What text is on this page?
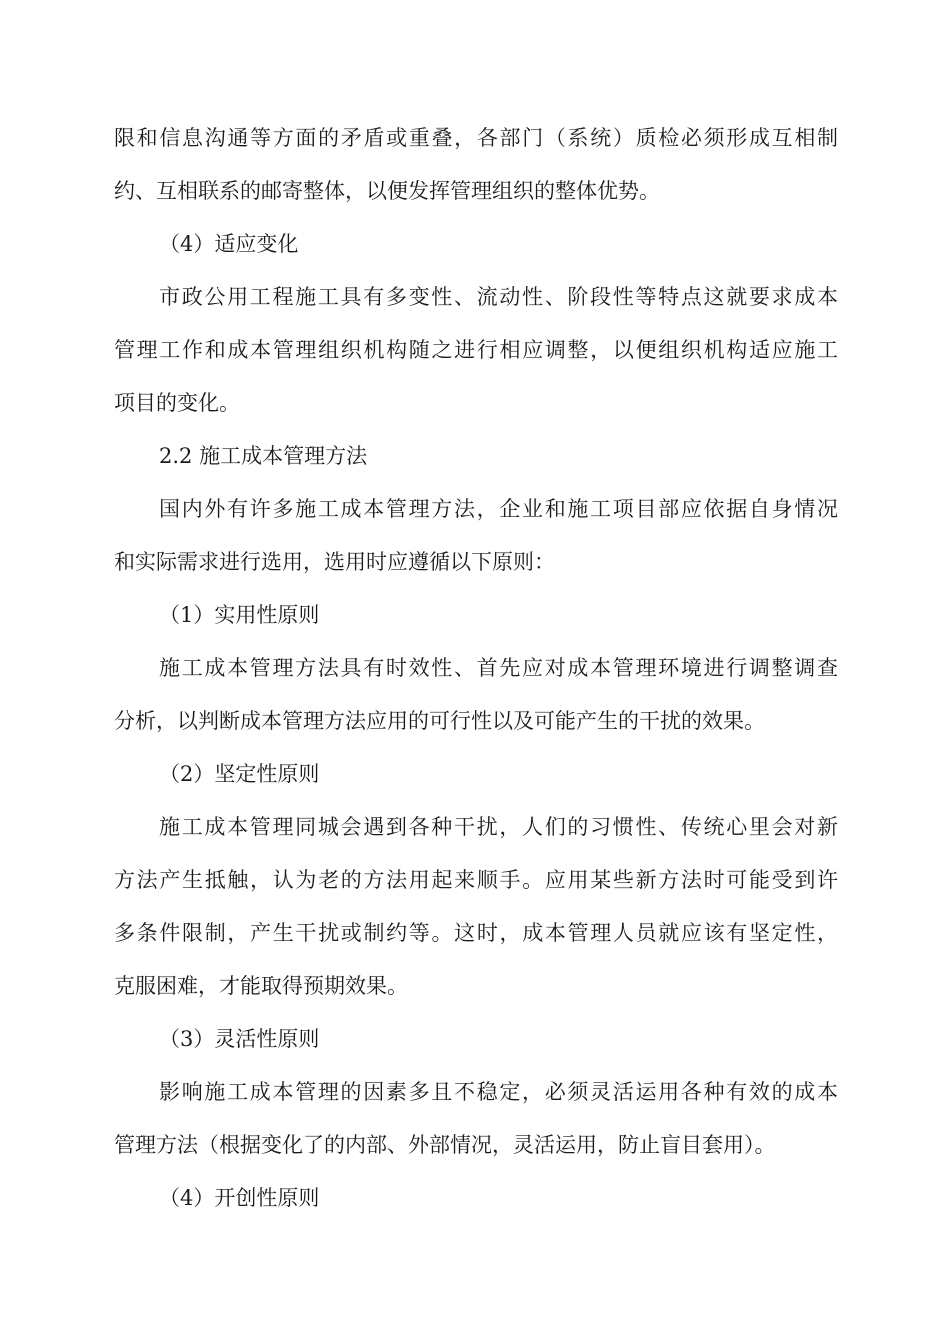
限和信息沟通等方面的矛盾或重叠，各部门（系统）质检必须形成互相制

约、互相联系的邮寄整体，以便发挥管理组织的整体优势。

（4）适应变化

市政公用工程施工具有多变性、流动性、阶段性等特点这就要求成本

管理工作和成本管理组织机构随之进行相应调整，以便组织机构适应施工

项目的变化。

2.2 施工成本管理方法

国内外有许多施工成本管理方法，企业和施工项目部应依据自身情况

和实际需求进行选用，选用时应遵循以下原则：

（1）实用性原则

施工成本管理方法具有时效性、首先应对成本管理环境进行调整调查

分析，以判断成本管理方法应用的可行性以及可能产生的干扰的效果。

（2）坚定性原则

施工成本管理同城会遇到各种干扰，人们的习惯性、传统心里会对新

方法产生抵触，认为老的方法用起来顺手。应用某些新方法时可能受到许

多条件限制，产生干扰或制约等。这时，成本管理人员就应该有坚定性，

克服困难，才能取得预期效果。

（3）灵活性原则

影响施工成本管理的因素多且不稳定，必须灵活运用各种有效的成本

管理方法（根据变化了的内部、外部情况，灵活运用，防止盲目套用）。

（4）开创性原则
